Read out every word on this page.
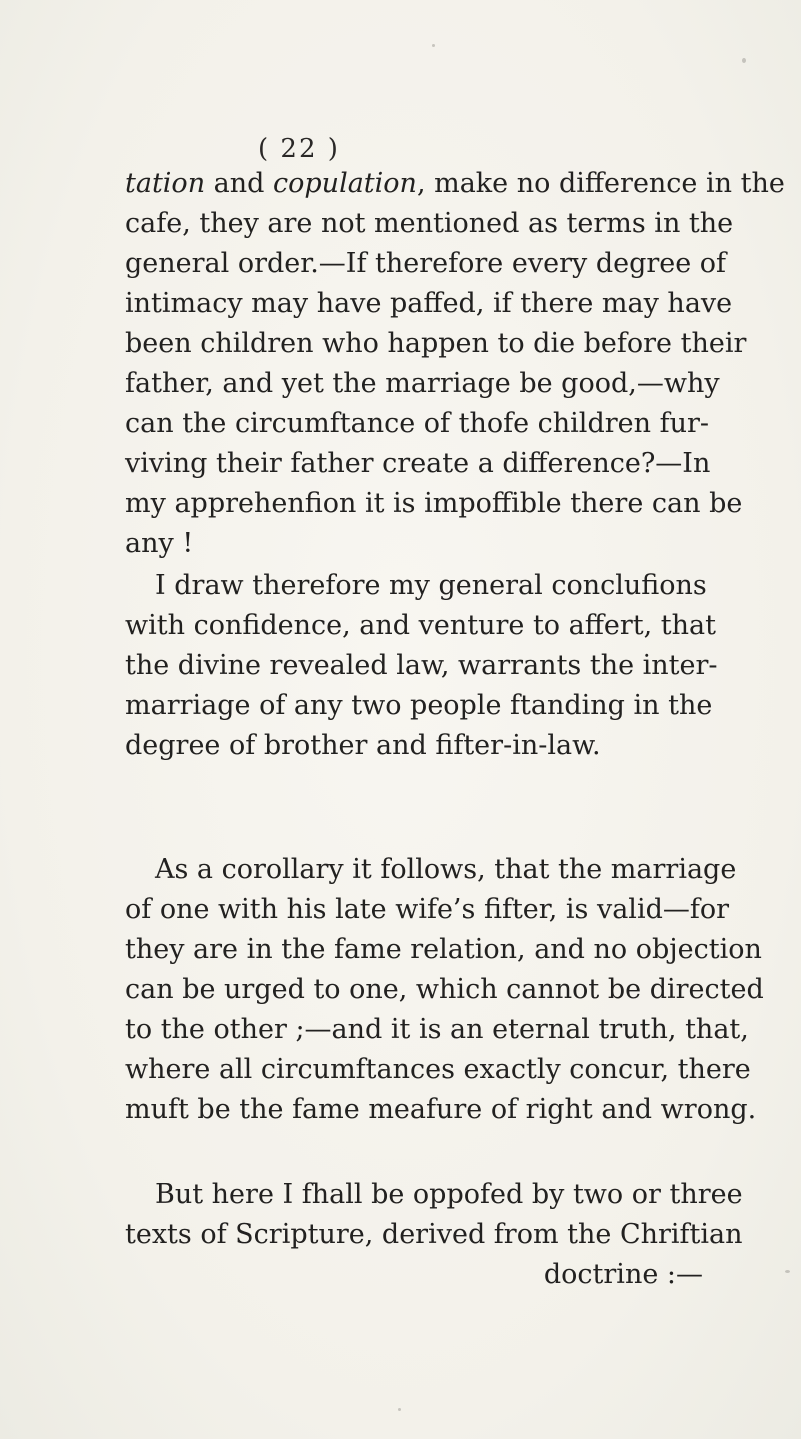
( 22 )
tation and copulation, make no difference in the
cafe, they are not mentioned as terms in the
general order.—If therefore every degree of
intimacy may have paffed, if there may have
been children who happen to die before their
father, and yet the marriage be good,—why
can the circumftance of thofe children fur-
viving their father create a difference?—In
my apprehenfion it is impoffible there can be
any !
I draw therefore my general conclufions
with confidence, and venture to affert, that
the divine revealed law, warrants the inter-
marriage of any two people ftanding in the
degree of brother and fifter-in-law.
As a corollary it follows, that the marriage
of one with his late wife’s fifter, is valid—for
they are in the fame relation, and no objection
can be urged to one, which cannot be directed
to the other ;—and it is an eternal truth, that,
where all circumftances exactly concur, there
muft be the fame meafure of right and wrong.
But here I fhall be oppofed by two or three
texts of Scripture, derived from the Chriftian
doctrine :—
